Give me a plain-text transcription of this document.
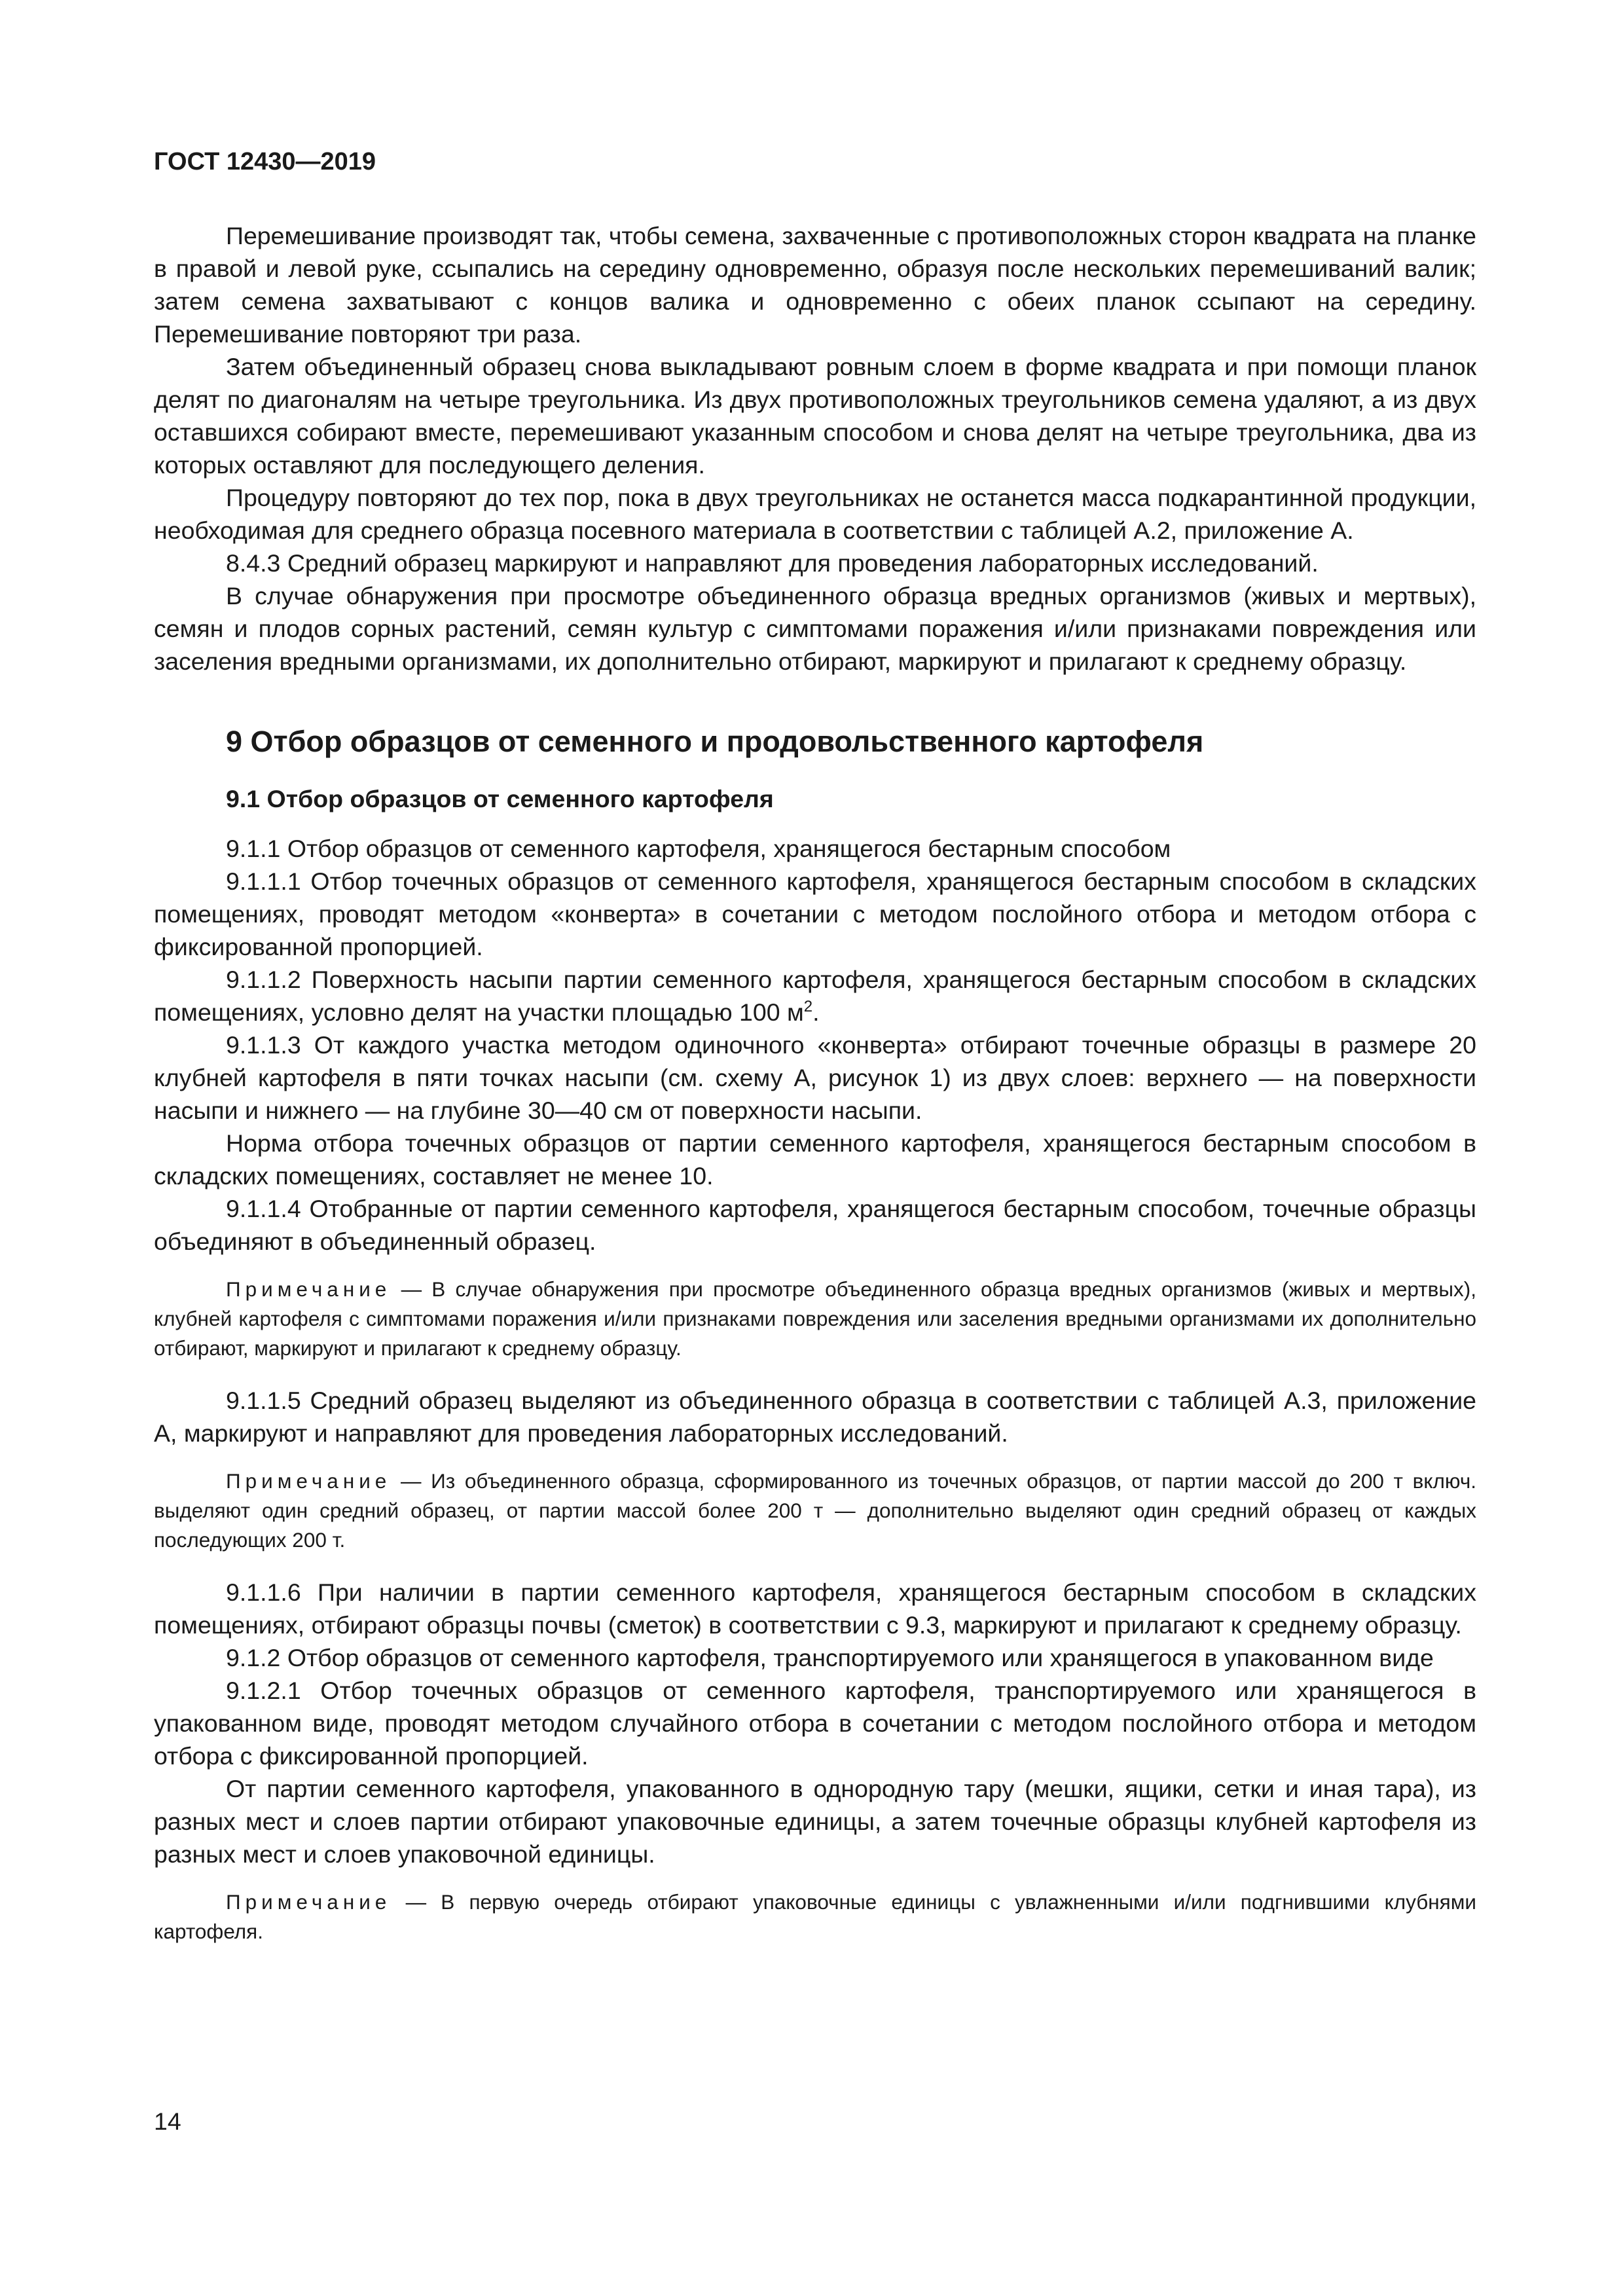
ГОСТ 12430—2019

Перемешивание производят так, чтобы семена, захваченные с противоположных сторон квадрата на планке в правой и левой руке, ссыпались на середину одновременно, образуя после нескольких перемешиваний валик; затем семена захватывают с концов валика и одновременно с обеих планок ссыпают на середину. Перемешивание повторяют три раза.

Затем объединенный образец снова выкладывают ровным слоем в форме квадрата и при помощи планок делят по диагоналям на четыре треугольника. Из двух противоположных треугольников семена удаляют, а из двух оставшихся собирают вместе, перемешивают указанным способом и снова делят на четыре треугольника, два из которых оставляют для последующего деления.

Процедуру повторяют до тех пор, пока в двух треугольниках не останется масса подкарантинной продукции, необходимая для среднего образца посевного материала в соответствии с таблицей А.2, приложение А.

8.4.3 Средний образец маркируют и направляют для проведения лабораторных исследований.

В случае обнаружения при просмотре объединенного образца вредных организмов (живых и мертвых), семян и плодов сорных растений, семян культур с симптомами поражения и/или признаками повреждения или заселения вредными организмами, их дополнительно отбирают, маркируют и прилагают к среднему образцу.

9 Отбор образцов от семенного и продовольственного картофеля
9.1 Отбор образцов от семенного картофеля

9.1.1 Отбор образцов от семенного картофеля, хранящегося бестарным способом

9.1.1.1 Отбор точечных образцов от семенного картофеля, хранящегося бестарным способом в складских помещениях, проводят методом «конверта» в сочетании с методом послойного отбора и методом отбора с фиксированной пропорцией.

9.1.1.2 Поверхность насыпи партии семенного картофеля, хранящегося бестарным способом в складских помещениях, условно делят на участки площадью 100 $м^2$.

9.1.1.3 От каждого участка методом одиночного «конверта» отбирают точечные образцы в размере 20 клубней картофеля в пяти точках насыпи (см. схему А, рисунок 1) из двух слоев: верхнего — на поверхности насыпи и нижнего — на глубине 30—40 см от поверхности насыпи.

Норма отбора точечных образцов от партии семенного картофеля, хранящегося бестарным способом в складских помещениях, составляет не менее 10.

9.1.1.4 Отобранные от партии семенного картофеля, хранящегося бестарным способом, точечные образцы объединяют в объединенный образец.

Примечание — В случае обнаружения при просмотре объединенного образца вредных организмов (живых и мертвых), клубней картофеля с симптомами поражения и/или признаками повреждения или заселения вредными организмами их дополнительно отбирают, маркируют и прилагают к среднему образцу.

9.1.1.5 Средний образец выделяют из объединенного образца в соответствии с таблицей А.3, приложение А, маркируют и направляют для проведения лабораторных исследований.

Примечание — Из объединенного образца, сформированного из точечных образцов, от партии массой до 200 т включ. выделяют один средний образец, от партии массой более 200 т — дополнительно выделяют один средний образец от каждых последующих 200 т.

9.1.1.6 При наличии в партии семенного картофеля, хранящегося бестарным способом в складских помещениях, отбирают образцы почвы (сметок) в соответствии с 9.3, маркируют и прилагают к среднему образцу.

9.1.2 Отбор образцов от семенного картофеля, транспортируемого или хранящегося в упакованном виде

9.1.2.1 Отбор точечных образцов от семенного картофеля, транспортируемого или хранящегося в упакованном виде, проводят методом случайного отбора в сочетании с методом послойного отбора и методом отбора с фиксированной пропорцией.

От партии семенного картофеля, упакованного в однородную тару (мешки, ящики, сетки и иная тара), из разных мест и слоев партии отбирают упаковочные единицы, а затем точечные образцы клубней картофеля из разных мест и слоев упаковочной единицы.

Примечание — В первую очередь отбирают упаковочные единицы с увлажненными и/или подгнившими клубнями картофеля.

14
